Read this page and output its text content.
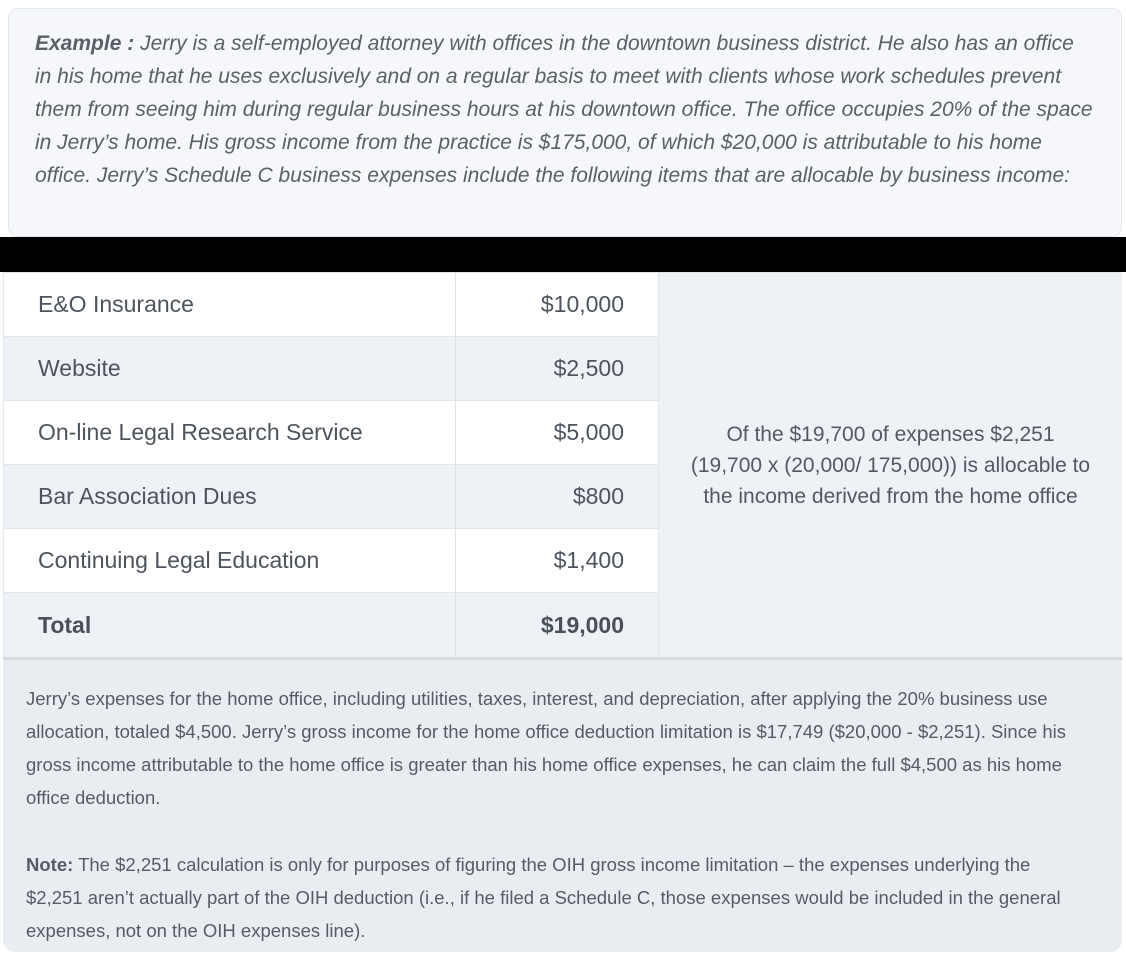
Example : Jerry is a self-employed attorney with offices in the downtown business district. He also has an office in his home that he uses exclusively and on a regular basis to meet with clients whose work schedules prevent them from seeing him during regular business hours at his downtown office. The office occupies 20% of the space in Jerry’s home. His gross income from the practice is $175,000, of which $20,000 is attributable to his home office. Jerry’s Schedule C business expenses include the following items that are allocable by business income:

E&O Insurance	$10,000
Website	$2,500
On-line Legal Research Service	$5,000
Bar Association Dues	$800
Continuing Legal Education	$1,400
Total	$19,000

Of the $19,700 of expenses $2,251 (19,700 x (20,000/ 175,000)) is allocable to the income derived from the home office

Jerry’s expenses for the home office, including utilities, taxes, interest, and depreciation, after applying the 20% business use allocation, totaled $4,500. Jerry’s gross income for the home office deduction limitation is $17,749 ($20,000 - $2,251). Since his gross income attributable to the home office is greater than his home office expenses, he can claim the full $4,500 as his home office deduction.

Note: The $2,251 calculation is only for purposes of figuring the OIH gross income limitation – the expenses underlying the $2,251 aren’t actually part of the OIH deduction (i.e., if he filed a Schedule C, those expenses would be included in the general expenses, not on the OIH expenses line).
